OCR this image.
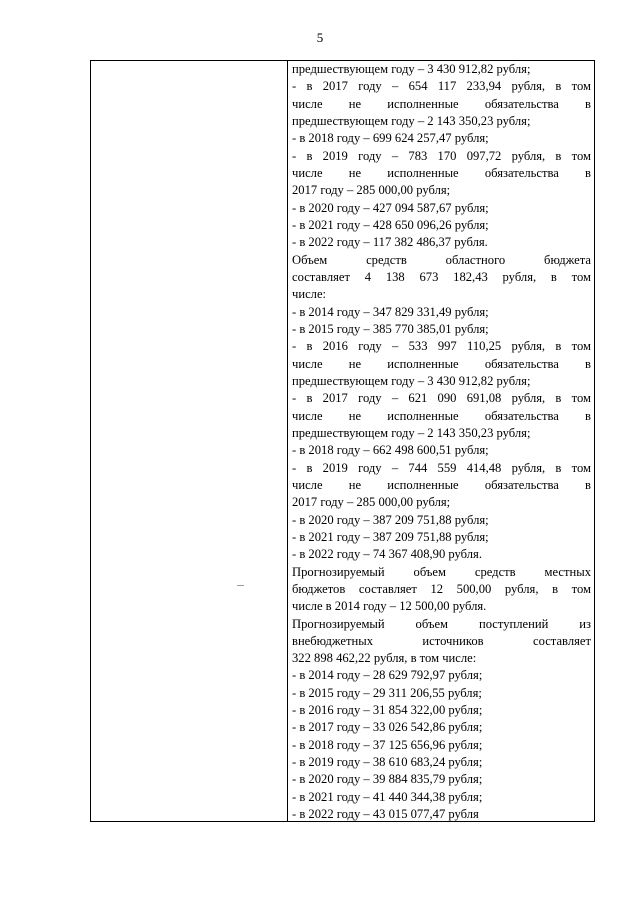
5
предшествующем году – 3 430 912,82 рубля;
- в 2017 году – 654 117 233,94 рубля, в том
числе не исполненные обязательства в
предшествующем году – 2 143 350,23 рубля;
- в 2018 году – 699 624 257,47 рубля;
- в 2019 году – 783 170 097,72 рубля, в том
числе не исполненные обязательства в
2017 году – 285 000,00 рубля;
- в 2020 году – 427 094 587,67 рубля;
- в 2021 году – 428 650 096,26 рубля;
- в 2022 году – 117 382 486,37 рубля.
Объем средств областного бюджета
составляет 4 138 673 182,43 рубля, в том
числе:
- в 2014 году – 347 829 331,49 рубля;
- в 2015 году – 385 770 385,01 рубля;
- в 2016 году – 533 997 110,25 рубля, в том
числе не исполненные обязательства в
предшествующем году – 3 430 912,82 рубля;
- в 2017 году – 621 090 691,08 рубля, в том
числе не исполненные обязательства в
предшествующем году – 2 143 350,23 рубля;
- в 2018 году – 662 498 600,51 рубля;
- в 2019 году – 744 559 414,48 рубля, в том
числе не исполненные обязательства в
2017 году – 285 000,00 рубля;
- в 2020 году – 387 209 751,88 рубля;
- в 2021 году – 387 209 751,88 рубля;
- в 2022 году – 74 367 408,90 рубля.
Прогнозируемый объем средств местных
бюджетов составляет 12 500,00 рубля, в том
числе в 2014 году – 12 500,00 рубля.
Прогнозируемый объем поступлений из
внебюджетных источников составляет
322 898 462,22 рубля, в том числе:
- в 2014 году – 28 629 792,97 рубля;
- в 2015 году – 29 311 206,55 рубля;
- в 2016 году – 31 854 322,00 рубля;
- в 2017 году – 33 026 542,86 рубля;
- в 2018 году – 37 125 656,96 рубля;
- в 2019 году – 38 610 683,24 рубля;
- в 2020 году – 39 884 835,79 рубля;
- в 2021 году – 41 440 344,38 рубля;
- в 2022 году – 43 015 077,47 рубля
